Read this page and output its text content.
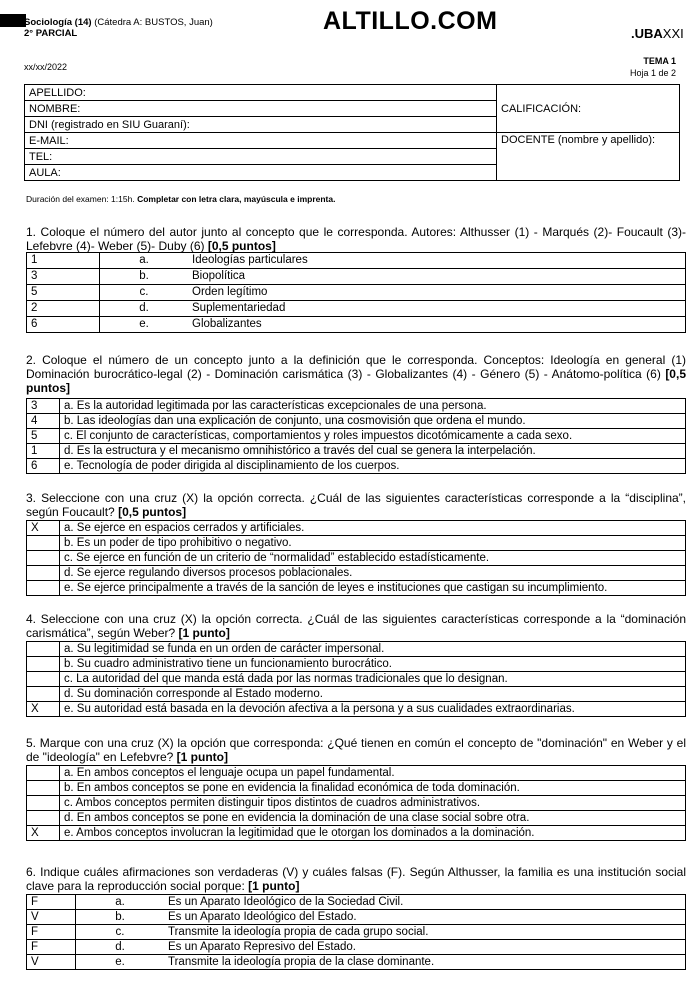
Sociología (14) (Cátedra A: BUSTOS, Juan)
2° PARCIAL	ALTILLO.COM	.UBAXXI
xx/xx/2022
TEMA 1
Hoja 1 de 2
APELLIDO:	CALIFICACIÓN:
NOMBRE:	
DNI (registrado en SIU Guaraní):	
E-MAIL:	DOCENTE (nombre y apellido):
TEL:	
AULA:	
Duración del examen: 1:15h. Completar con letra clara, mayúscula e imprenta.
1. Coloque el número del autor junto al concepto que le corresponda. Autores: Althusser (1) - Marqués (2)- Foucault (3)- Lefebvre (4)- Weber (5)- Duby (6) [0,5 puntos]
1	a.	Ideologías particulares
3	b.	Biopolítica
5	c.	Orden legítimo
2	d.	Suplementariedad
6	e.	Globalizantes
2. Coloque el número de un concepto junto a la definición que le corresponda. Conceptos: Ideología en general (1) Dominación burocrático-legal (2) - Dominación carismática (3) - Globalizantes (4) - Género (5) - Anátomo-política (6) [0,5 puntos]
3	a. Es la autoridad legitimada por las características excepcionales de una persona.
4	b. Las ideologías dan una explicación de conjunto, una cosmovisión que ordena el mundo.
5	c. El conjunto de características, comportamientos y roles impuestos dicotómicamente a cada sexo.
1	d. Es la estructura y el mecanismo omnihistórico a través del cual se genera la interpelación.
6	e. Tecnología de poder dirigida al disciplinamiento de los cuerpos.
3. Seleccione con una cruz (X) la opción correcta. ¿Cuál de las siguientes características corresponde a la “disciplina”, según Foucault? [0,5 puntos]
X	a. Se ejerce en espacios cerrados y artificiales.
	b. Es un poder de tipo prohibitivo o negativo.
	c. Se ejerce en función de un criterio de “normalidad” establecido estadísticamente.
	d. Se ejerce regulando diversos procesos poblacionales.
	e. Se ejerce principalmente a través de la sanción de leyes e instituciones que castigan su incumplimiento.
4. Seleccione con una cruz (X) la opción correcta. ¿Cuál de las siguientes características corresponde a la “dominación carismática”, según Weber? [1 punto]
	a. Su legitimidad se funda en un orden de carácter impersonal.
	b. Su cuadro administrativo tiene un funcionamiento burocrático.
	c. La autoridad del que manda está dada por las normas tradicionales que lo designan.
	d. Su dominación corresponde al Estado moderno.
X	e. Su autoridad está basada en la devoción afectiva a la persona y a sus cualidades extraordinarias.
5. Marque con una cruz (X) la opción que corresponda: ¿Qué tienen en común el concepto de "dominación" en Weber y el de "ideología" en Lefebvre? [1 punto]
	a. En ambos conceptos el lenguaje ocupa un papel fundamental.
	b. En ambos conceptos se pone en evidencia la finalidad económica de toda dominación.
	c. Ambos conceptos permiten distinguir tipos distintos de cuadros administrativos.
	d. En ambos conceptos se pone en evidencia la dominación de una clase social sobre otra.
X	e. Ambos conceptos involucran la legitimidad que le otorgan los dominados a la dominación.
6. Indique cuáles afirmaciones son verdaderas (V) y cuáles falsas (F). Según Althusser, la familia es una institución social clave para la reproducción social porque: [1 punto]
F	a.	Es un Aparato Ideológico de la Sociedad Civil.
V	b.	Es un Aparato Ideológico del Estado.
F	c.	Transmite la ideología propia de cada grupo social.
F	d.	Es un Aparato Represivo del Estado.
V	e.	Transmite la ideología propia de la clase dominante.
